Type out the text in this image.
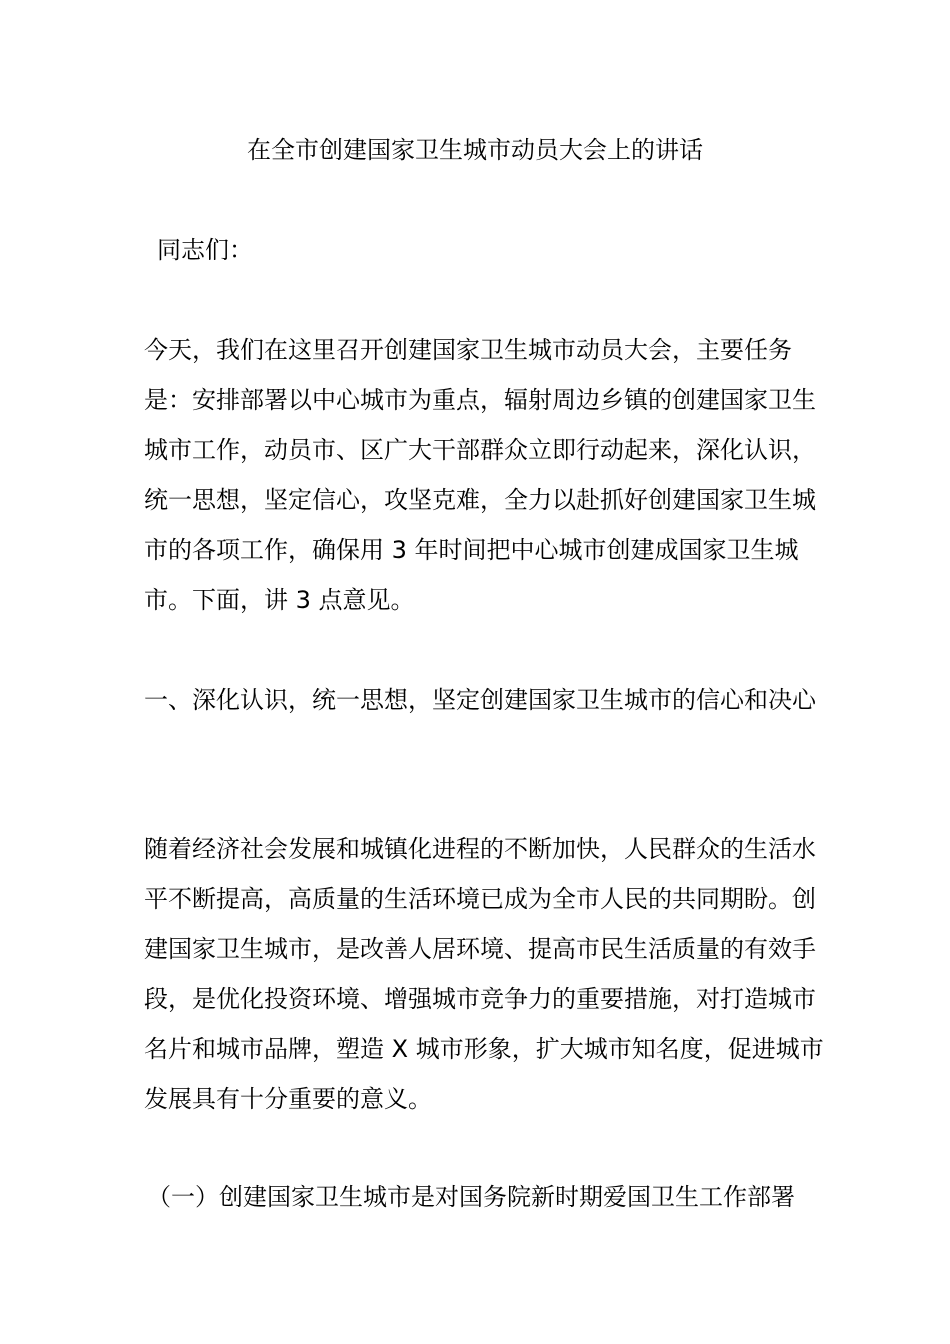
在全市创建国家卫生城市动员大会上的讲话
同志们：

今天，我们在这里召开创建国家卫生城市动员大会，主要任务是：安排部署以中心城市为重点，辐射周边乡镇的创建国家卫生城市工作，动员市、区广大干部群众立即行动起来，深化认识，统一思想，坚定信心，攻坚克难，全力以赴抓好创建国家卫生城市的各项工作，确保用 3 年时间把中心城市创建成国家卫生城市。下面，讲 3 点意见。

一、深化认识，统一思想，坚定创建国家卫生城市的信心和决心

随着经济社会发展和城镇化进程的不断加快，人民群众的生活水平不断提高，高质量的生活环境已成为全市人民的共同期盼。创建国家卫生城市，是改善人居环境、提高市民生活质量的有效手段，是优化投资环境、增强城市竞争力的重要措施，对打造城市名片和城市品牌，塑造 X 城市形象，扩大城市知名度，促进城市发展具有十分重要的意义。

（一）创建国家卫生城市是对国务院新时期爱国卫生工作部署
